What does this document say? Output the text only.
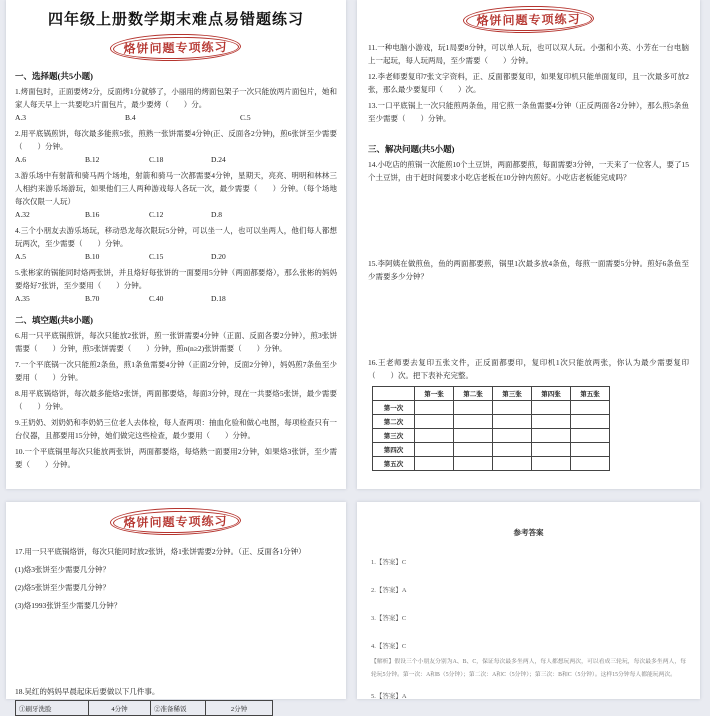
四年级上册数学期末难点易错题练习
烙饼问题专项练习
一、选择题(共5小题)

1.烤面包时，正面要烤2分，反面烤1分就够了，小丽用的烤面包架子一次只能放两片面包片，她和家人每天早上一共要吃3片面包片，最少要烤（　　）分。

A.3	B.4	C.5

2.用平底锅煎饼，每次最多能煎5张，煎熟一张饼需要4分钟(正、反面各2分钟)，煎6张饼至少需要（　　）分钟。

A.6	B.12	C.18	D.24

3.游乐场中有射箭和骑马两个场地，射箭和骑马一次都需要4分钟，星期天，亮亮、明明和林林三人相约来游乐场游玩，如果他们三人两种游戏每人各玩一次，最少需要（　　）分钟。（每个场地每次仅限一人玩）

A.32	B.16	C.12	D.8

4.三个小朋友去游乐场玩，移动恐龙每次限玩5分钟，可以坐一人，也可以坐两人，他们每人都想玩两次，至少需要（　　）分钟。

A.5	B.10	C.15	D.20

5.张彬家的锅能同时烙两张饼，并且烙好每张饼的一面要用5分钟（两面都要烙），那么张彬的妈妈要烙好7张饼，至少要用（　　）分钟。

A.35	B.70	C.40	D.18
二、填空题(共8小题)

6.用一只平底锅煎饼，每次只能放2张饼，煎一张饼需要4分钟（正面、反面各要2分钟），煎3张饼需要（　　）分钟，煎5张饼需要（　　）分钟，煎n(n≥2)张饼需要（　　）分钟。

7.一个平底锅一次只能煎2条鱼，煎1条鱼需要4分钟（正面2分钟，反面2分钟），妈妈煎7条鱼至少要用（　　）分钟。

8.用平底锅烙饼，每次最多能烙2张饼，两面都要烙，每面3分钟，现在一共要烙5张饼，最少需要（　　）分钟。

9.王奶奶、刘奶奶和李奶奶三位老人去体检，每人查两项：抽血化验和做心电图，每项检查只有一台仪器，且都要用15分钟，她们做完这些检查，最少要用（　　）分钟。

10.一个平底锅里每次只能放两张饼，两面都要烙，每烙熟一面要用2分钟，如果烙3张饼，至少需要（　　）分钟。

烙饼问题专项练习

11.一种电脑小游戏，玩1局要8分钟，可以单人玩，也可以双人玩。小强和小英、小芳在一台电脑上一起玩，每人玩两局，至少需要（　　）分钟。

12.李老师要复印7张文字资料，正、反面都要复印，如果复印机只能单面复印，且一次最多可放2张，那么最少要复印（　　）次。

13.一口平底锅上一次只能煎两条鱼，用它煎一条鱼需要4分钟（正反两面各2分钟），那么煎5条鱼至少需要（　　）分钟。

三、解决问题(共5小题)

14.小吃店的煎锅一次能煎10个土豆饼，两面都要煎，每面需要3分钟，一天来了一位客人，要了15个土豆饼，由于赶时间要求小吃店老板在10分钟内煎好。小吃店老板能完成吗？

15.李阿姨在做煎鱼，鱼的两面都要煎，锅里1次最多放4条鱼，每煎一面需要5分钟。煎好6条鱼至少需要多少分钟？

16.王老师要去复印五张文件，正反面都要印，复印机1次只能放两张，你认为最少需要复印（　　）次。把下表补充完整。

	第一张	第二张	第三张	第四张	第五张
第一次					
第二次					
第三次					
第四次					
第五次					
烙饼问题专项练习

17.用一只平底锅烙饼，每次只能同时放2张饼，烙1张饼需要2分钟。（正、反面各1分钟）

(1)烙3张饼至少需要几分钟？

(2)烙5张饼至少需要几分钟？

(3)烙1993张饼至少需要几分钟？

18.吴红的妈妈早晨起床后要做以下几件事。

①刷牙洗脸	4分钟	②准备稀饭	2分钟
参考答案

1.【答案】C

2.【答案】A

3.【答案】C

4.【答案】C

【解析】假设三个小朋友分别为A、B、C，保证每次最多坐两人，每人都想玩两次，可以看成三轮玩，每次最多坐两人，每轮玩5分钟。第一次：A和B（5分钟）；第二次：A和C（5分钟）；第三次：B和C（5分钟）。这样15分钟每人都能玩两次。

5.【答案】A
